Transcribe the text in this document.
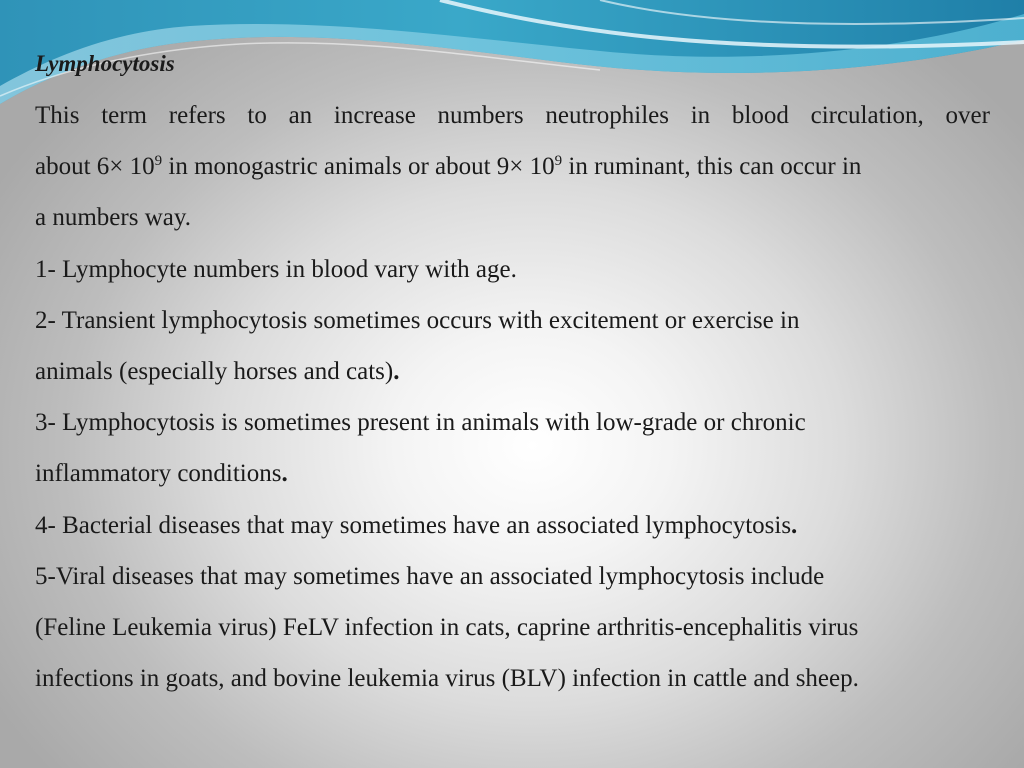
Lymphocytosis
This term refers to an increase numbers neutrophiles in blood circulation, over
about $6\times 10^9$ in monogastric animals or about $9\times 10^9$ in ruminant, this can occur in
a numbers way.
1- Lymphocyte numbers in blood vary with age.
2- Transient lymphocytosis sometimes occurs with excitement or exercise in
animals (especially horses and cats).
3- Lymphocytosis is sometimes present in animals with low-grade or chronic
inflammatory conditions.
4- Bacterial diseases that may sometimes have an associated lymphocytosis.
5-Viral diseases that may sometimes have an associated lymphocytosis include
(Feline Leukemia virus) FeLV infection in cats, caprine arthritis-encephalitis virus
infections in goats, and bovine leukemia virus (BLV) infection in cattle and sheep.
